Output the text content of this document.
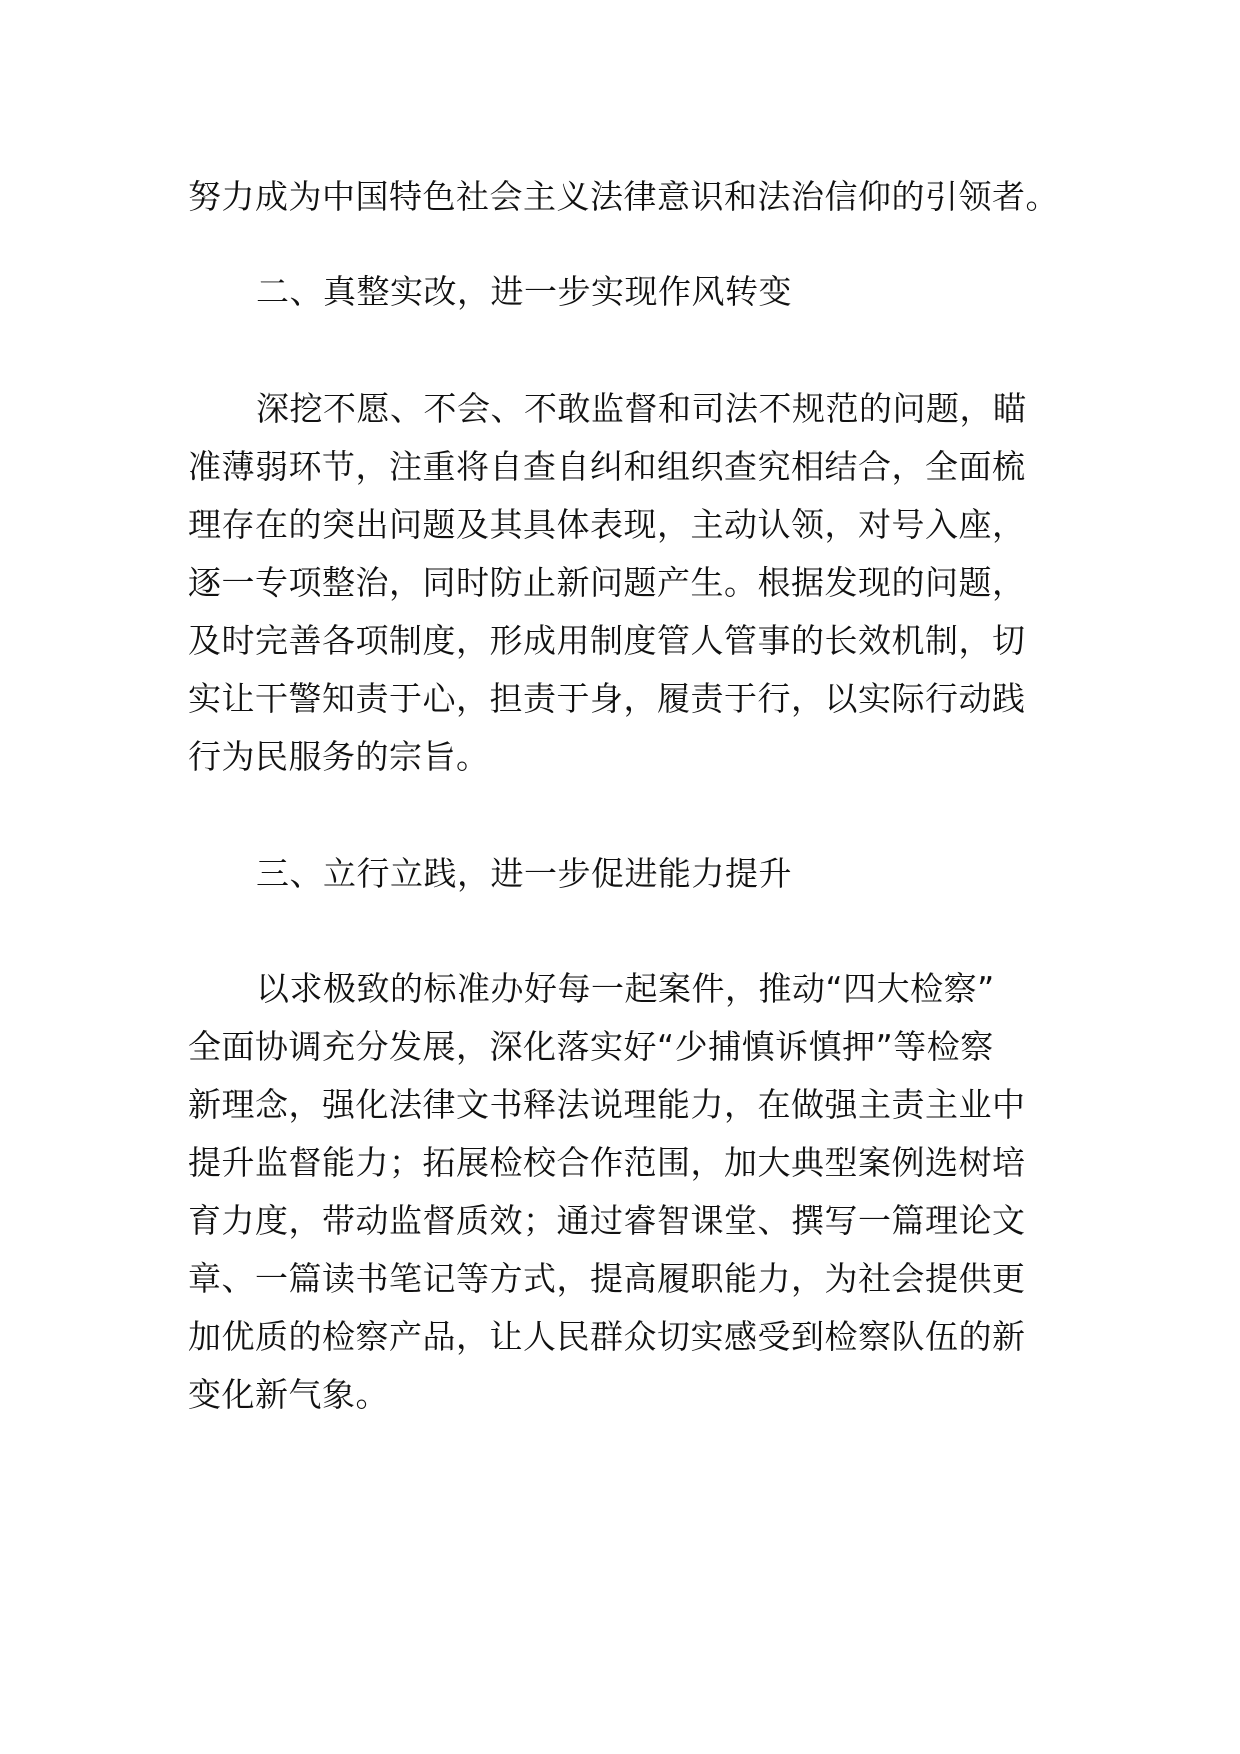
努力成为中国特色社会主义法律意识和法治信仰的引领者。
二、真整实改，进一步实现作风转变
深挖不愿、不会、不敢监督和司法不规范的问题，瞄
准薄弱环节，注重将自查自纠和组织查究相结合，全面梳
理存在的突出问题及其具体表现，主动认领，对号入座，
逐一专项整治，同时防止新问题产生。根据发现的问题，
及时完善各项制度，形成用制度管人管事的长效机制，切
实让干警知责于心，担责于身，履责于行，以实际行动践
行为民服务的宗旨。
三、立行立践，进一步促进能力提升
以求极致的标准办好每一起案件，推动“四大检察”
全面协调充分发展，深化落实好“少捕慎诉慎押”等检察
新理念，强化法律文书释法说理能力，在做强主责主业中
提升监督能力；拓展检校合作范围，加大典型案例选树培
育力度，带动监督质效；通过睿智课堂、撰写一篇理论文
章、一篇读书笔记等方式，提高履职能力，为社会提供更
加优质的检察产品，让人民群众切实感受到检察队伍的新
变化新气象。
